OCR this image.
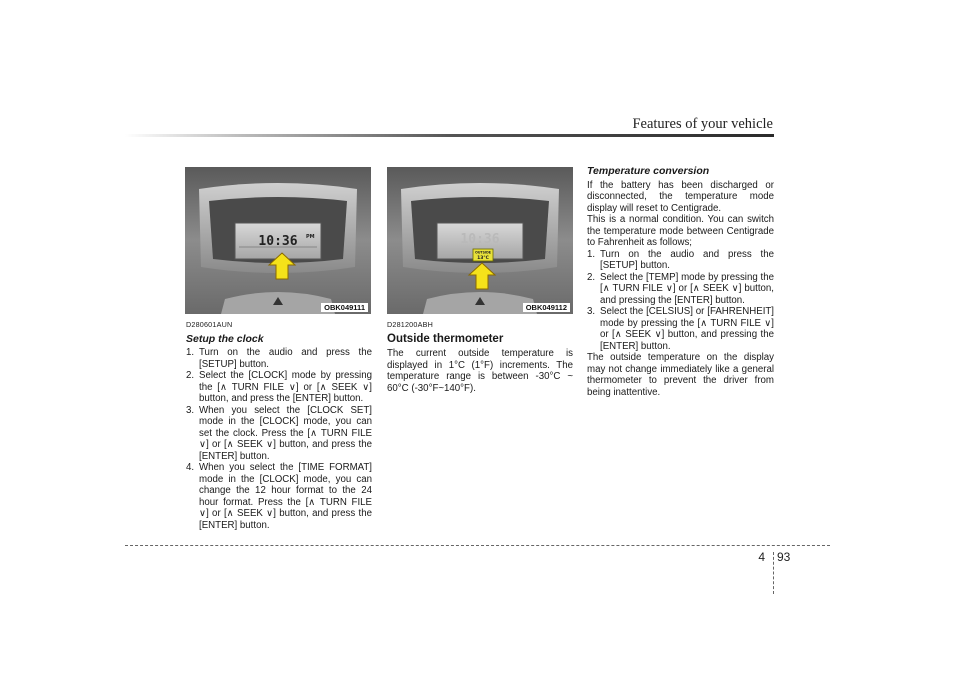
Features of your vehicle
10:36 PM
OBK049111
10:36
OUTSIDE
13°C
OBK049112

D280601AUN

Setup the clock

1. Turn on the audio and press the [SETUP] button.
2. Select the [CLOCK] mode by pressing the [∧ TURN FILE ∨] or [∧ SEEK ∨] button, and press the [ENTER] button.
3. When you select the [CLOCK SET] mode in the [CLOCK] mode, you can set the clock. Press the [∧ TURN FILE ∨] or [∧ SEEK ∨] button, and press the [ENTER] button.
4. When you select the [TIME FORMAT] mode in the [CLOCK] mode, you can change the 12 hour format to the 24 hour format. Press the [∧ TURN FILE ∨] or [∧ SEEK ∨] button, and press the [ENTER] button.

D281200ABH

Outside thermometer

The current outside temperature is displayed in 1°C (1°F) increments. The temperature range is between -30°C ~ 60°C (-30°F~140°F).

Temperature conversion

If the battery has been discharged or disconnected, the temperature mode display will reset to Centigrade.

This is a normal condition. You can switch the temperature mode between Centigrade to Fahrenheit as follows;

1. Turn on the audio and press the [SETUP] button.
2. Select the [TEMP] mode by pressing the [∧ TURN FILE ∨] or [∧ SEEK ∨] button, and pressing the [ENTER] button.
3. Select the [CELSIUS] or [FAHRENHEIT] mode by pressing the [∧ TURN FILE ∨] or [∧ SEEK ∨] button, and pressing the [ENTER] button.

The outside temperature on the display may not change immediately like a general thermometer to prevent the driver from being inattentive.

4 93
